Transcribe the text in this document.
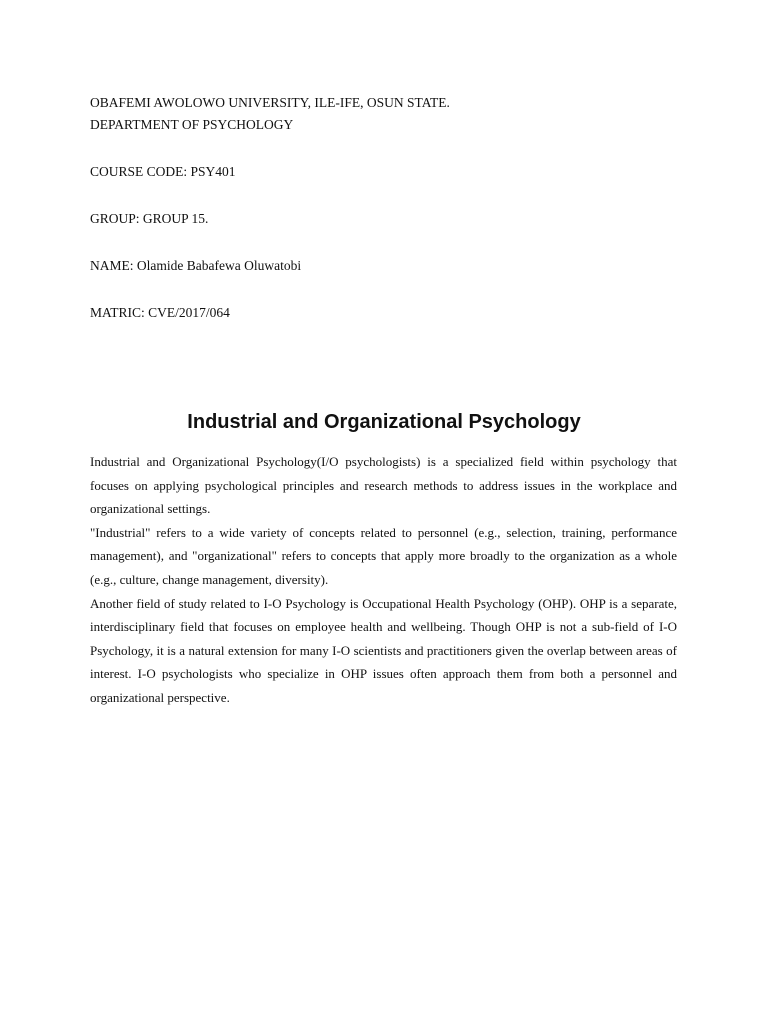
OBAFEMI AWOLOWO UNIVERSITY, ILE-IFE, OSUN STATE.
DEPARTMENT OF PSYCHOLOGY
COURSE CODE: PSY401
GROUP: GROUP 15.
NAME: Olamide Babafewa Oluwatobi
MATRIC: CVE/2017/064
Industrial and Organizational Psychology

Industrial and Organizational Psychology(I/O psychologists) is a specialized field within psychology that focuses on applying psychological principles and research methods to address issues in the workplace and organizational settings.

"Industrial" refers to a wide variety of concepts related to personnel (e.g., selection, training, performance management), and "organizational" refers to concepts that apply more broadly to the organization as a whole (e.g., culture, change management, diversity).

Another field of study related to I-O Psychology is Occupational Health Psychology (OHP). OHP is a separate, interdisciplinary field that focuses on employee health and wellbeing. Though OHP is not a sub-field of I-O Psychology, it is a natural extension for many I-O scientists and practitioners given the overlap between areas of interest. I-O psychologists who specialize in OHP issues often approach them from both a personnel and organizational perspective.
